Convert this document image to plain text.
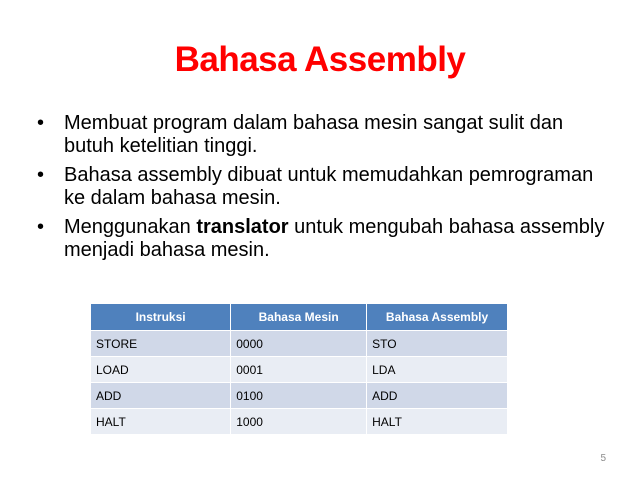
Bahasa Assembly
• Membuat program dalam bahasa mesin sangat sulit dan butuh ketelitian tinggi.
• Bahasa assembly dibuat untuk memudahkan pemrograman ke dalam bahasa mesin.
• Menggunakan translator untuk mengubah bahasa assembly menjadi bahasa mesin.
Instruksi	Bahasa Mesin	Bahasa Assembly
STORE	0000	STO
LOAD	0001	LDA
ADD	0100	ADD
HALT	1000	HALT
5
